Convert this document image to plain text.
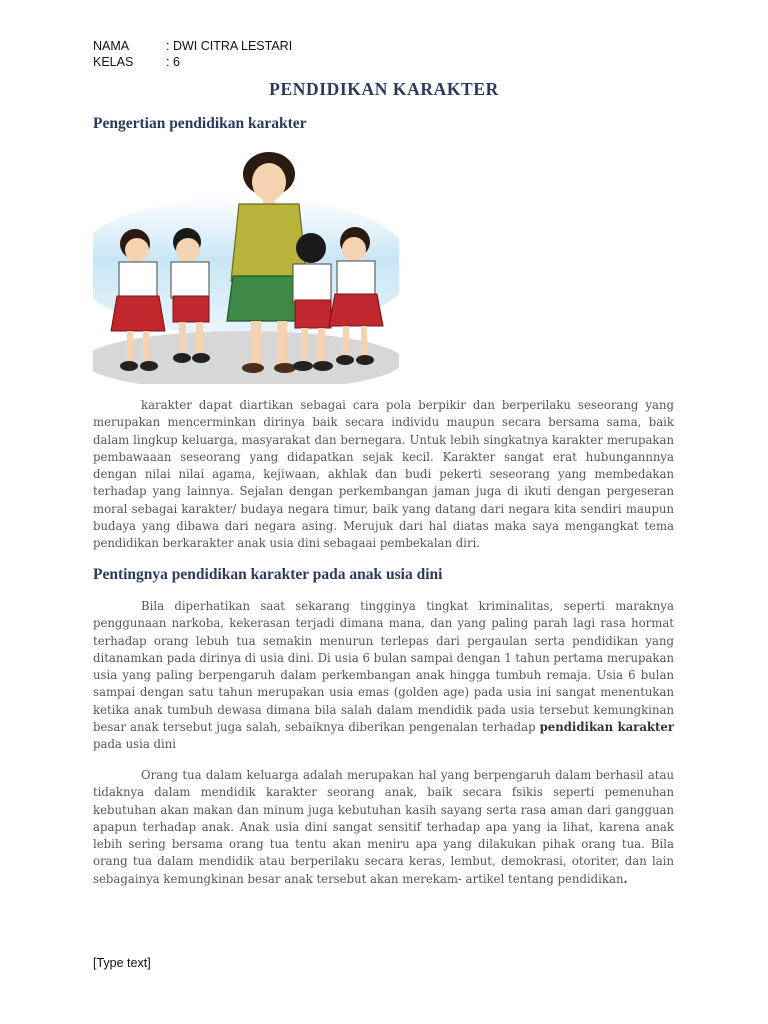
NAMA	: DWI CITRA LESTARI
KELAS	: 6
PENDIDIKAN KARAKTER
Pengertian pendidikan karakter

karakter dapat diartikan sebagai cara pola berpikir dan berperilaku seseorang yang merupakan mencerminkan dirinya baik secara individu maupun secara bersama sama, baik dalam lingkup keluarga, masyarakat dan bernegara. Untuk lebih singkatnya karakter merupakan pembawaaan seseorang yang didapatkan sejak kecil. Karakter sangat erat hubungannnya dengan nilai nilai agama, kejiwaan, akhlak dan budi pekerti seseorang yang membedakan terhadap yang lainnya. Sejalan dengan perkembangan jaman juga di ikuti dengan pergeseran moral sebagai karakter/ budaya negara timur, baik yang datang dari negara kita sendiri maupun budaya yang dibawa dari negara asing. Merujuk dari hal diatas maka saya mengangkat tema pendidikan berkarakter anak usia dini sebagaai pembekalan diri.

Pentingnya pendidikan karakter pada anak usia dini

Bila diperhatikan saat sekarang tingginya tingkat kriminalitas, seperti maraknya penggunaan narkoba, kekerasan terjadi dimana mana, dan yang paling parah lagi rasa hormat terhadap orang lebuh tua semakin menurun terlepas dari pergaulan serta pendidikan yang ditanamkan pada dirinya di usia dini. Di usia 6 bulan sampai dengan 1 tahun pertama merupakan usia yang paling berpengaruh dalam perkembangan anak hingga tumbuh remaja. Usia 6 bulan sampai dengan satu tahun merupakan usia emas (golden age) pada usia ini sangat menentukan ketika anak tumbuh dewasa dimana bila salah dalam mendidik pada usia tersebut kemungkinan besar anak tersebut juga salah, sebaiknya diberikan pengenalan terhadap pendidikan karakter pada usia dini

Orang tua dalam keluarga adalah merupakan hal yang berpengaruh dalam berhasil atau tidaknya dalam mendidik karakter seorang anak, baik secara fsikis seperti pemenuhan kebutuhan akan makan dan minum juga kebutuhan kasih sayang serta rasa aman dari gangguan apapun terhadap anak. Anak usia dini sangat sensitif terhadap apa yang ia lihat, karena anak lebih sering bersama orang tua tentu akan meniru apa yang dilakukan pihak orang tua. Bila orang tua dalam mendidik atau berperilaku secara keras, lembut, demokrasi, otoriter, dan lain sebagainya kemungkinan besar anak tersebut akan merekam- artikel tentang pendidikan.

[Type text]
